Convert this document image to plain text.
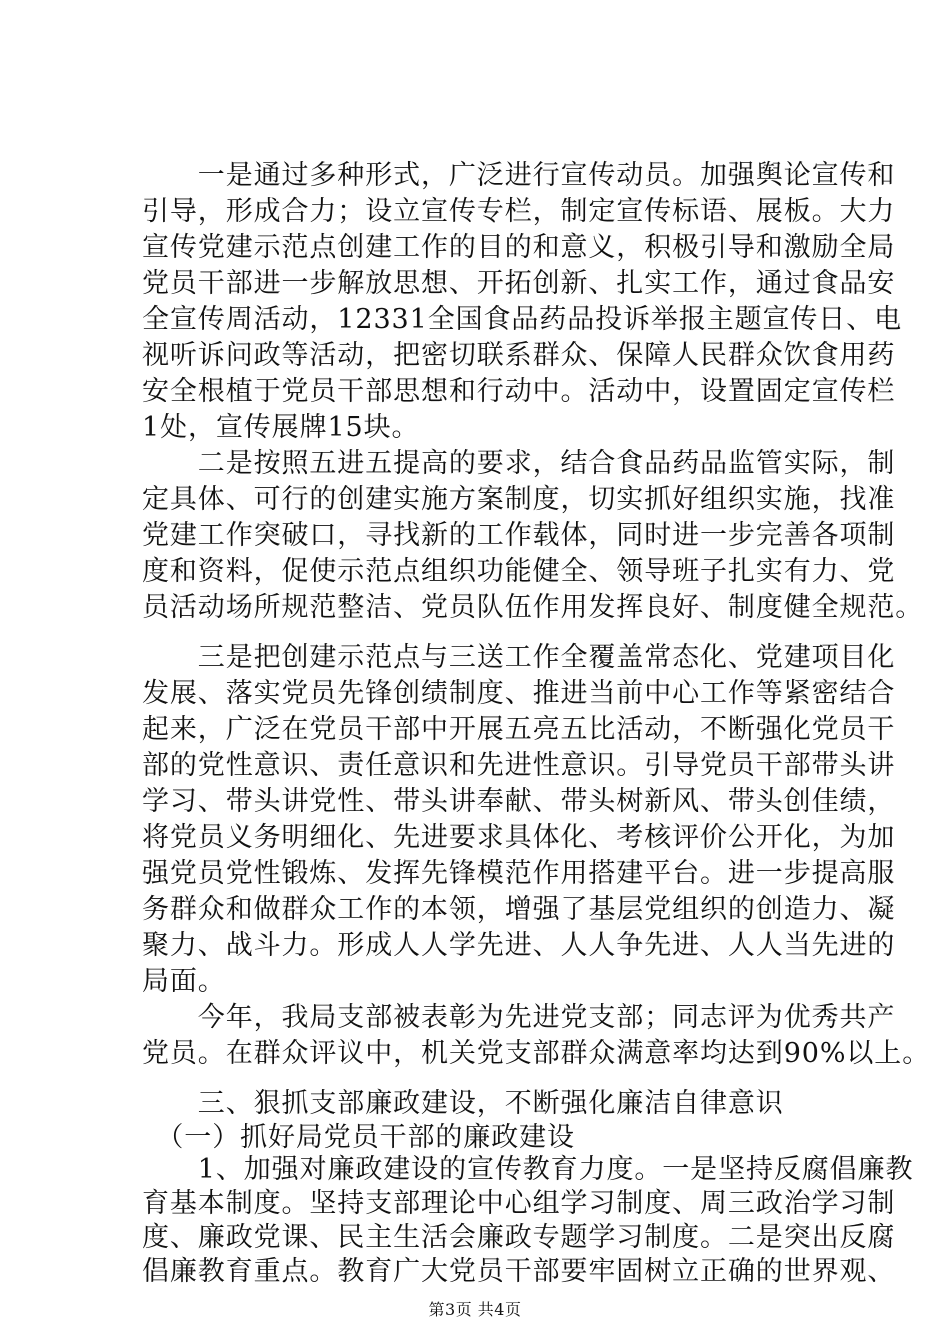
　　一是通过多种形式，广泛进行宣传动员。加强舆论宣传和
引导，形成合力；设立宣传专栏，制定宣传标语、展板。大力
宣传党建示范点创建工作的目的和意义，积极引导和激励全局
党员干部进一步解放思想、开拓创新、扎实工作，通过食品安
全宣传周活动，12331全国食品药品投诉举报主题宣传日、电
视听诉问政等活动，把密切联系群众、保障人民群众饮食用药
安全根植于党员干部思想和行动中。活动中，设置固定宣传栏
1处，宣传展牌15块。
　　二是按照五进五提高的要求，结合食品药品监管实际，制
定具体、可行的创建实施方案制度，切实抓好组织实施，找准
党建工作突破口，寻找新的工作载体，同时进一步完善各项制
度和资料，促使示范点组织功能健全、领导班子扎实有力、党
员活动场所规范整洁、党员队伍作用发挥良好、制度健全规范。
　　三是把创建示范点与三送工作全覆盖常态化、党建项目化
发展、落实党员先锋创绩制度、推进当前中心工作等紧密结合
起来，广泛在党员干部中开展五亮五比活动，不断强化党员干
部的党性意识、责任意识和先进性意识。引导党员干部带头讲
学习、带头讲党性、带头讲奉献、带头树新风、带头创佳绩，
将党员义务明细化、先进要求具体化、考核评价公开化，为加
强党员党性锻炼、发挥先锋模范作用搭建平台。进一步提高服
务群众和做群众工作的本领，增强了基层党组织的创造力、凝
聚力、战斗力。形成人人学先进、人人争先进、人人当先进的
局面。
　　今年，我局支部被表彰为先进党支部；同志评为优秀共产
党员。在群众评议中，机关党支部群众满意率均达到90%以上。
　　三、狠抓支部廉政建设，不断强化廉洁自律意识
　（一）抓好局党员干部的廉政建设
　　1、加强对廉政建设的宣传教育力度。一是坚持反腐倡廉教
育基本制度。坚持支部理论中心组学习制度、周三政治学习制
度、廉政党课、民主生活会廉政专题学习制度。二是突出反腐
倡廉教育重点。教育广大党员干部要牢固树立正确的世界观、
第3页 共4页
